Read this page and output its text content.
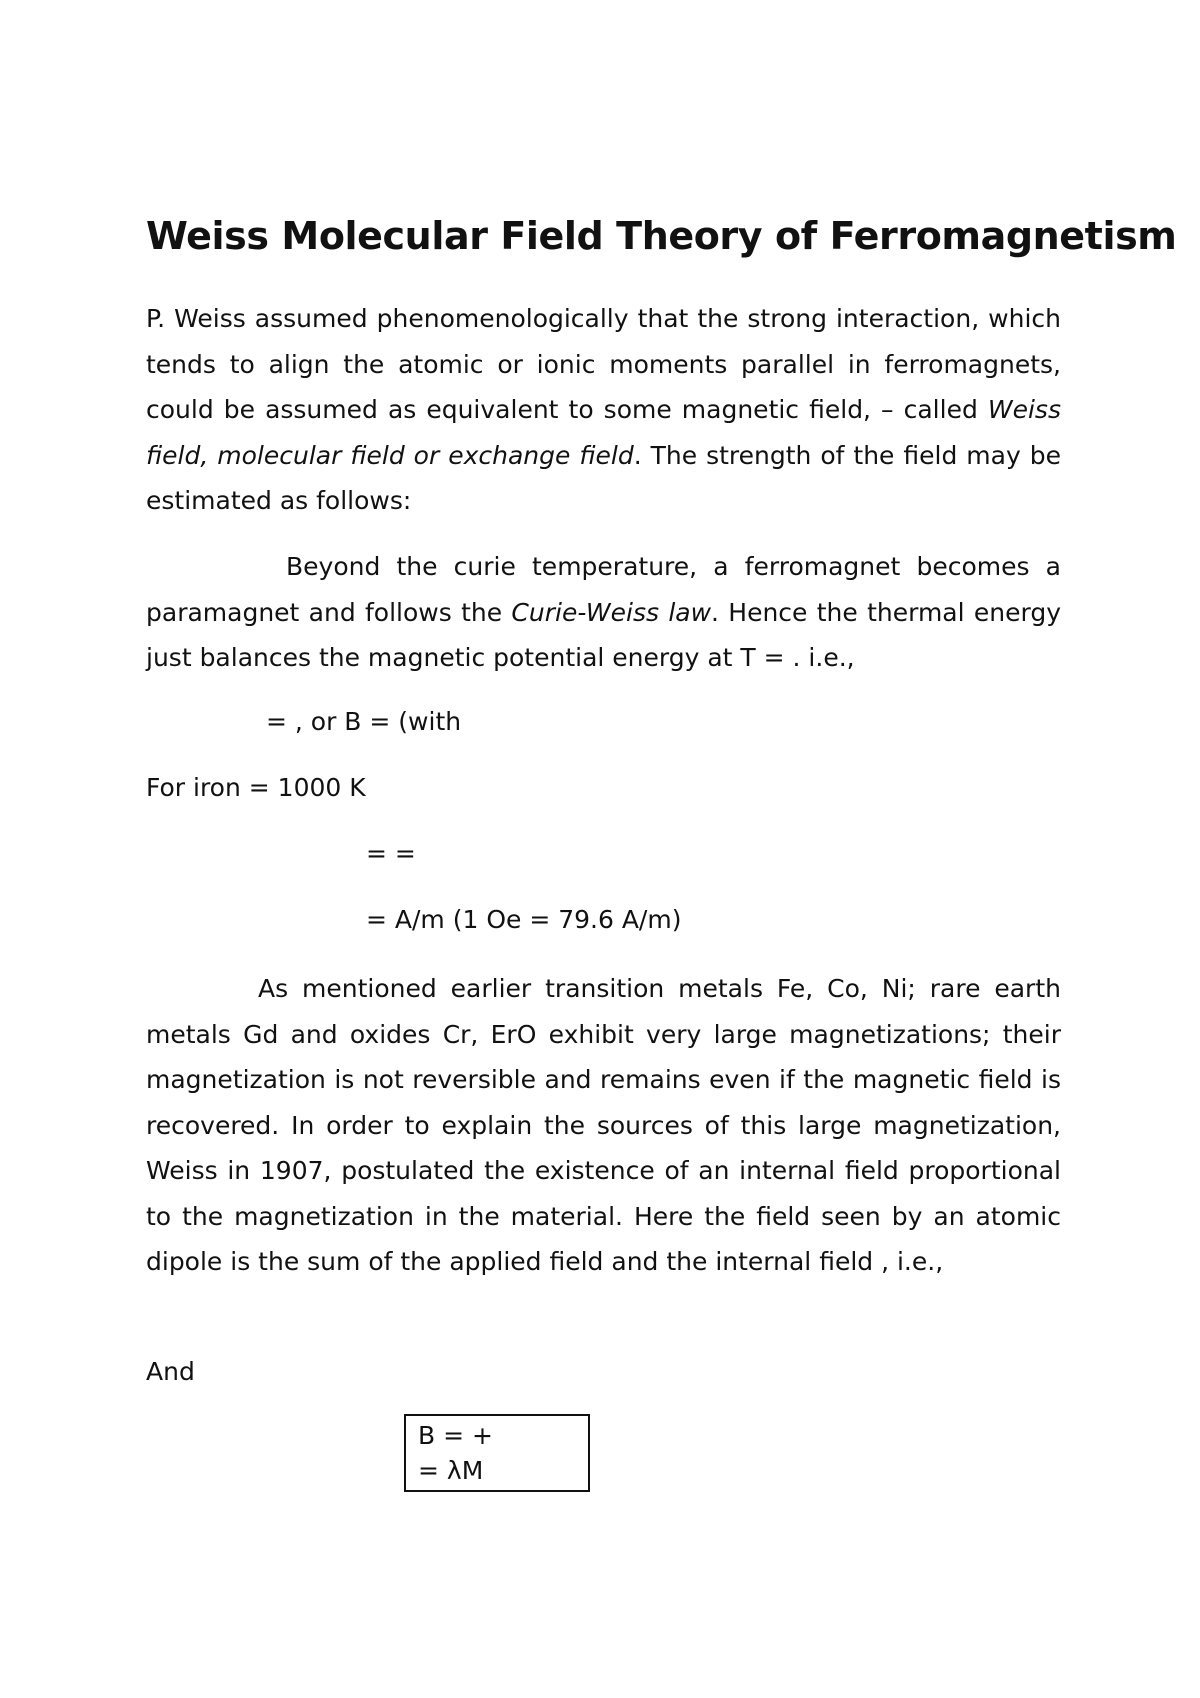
Weiss Molecular Field Theory of Ferromagnetism

P. Weiss assumed phenomenologically that the strong interaction, which tends to align the atomic or ionic moments parallel in ferromagnets, could be assumed as equivalent to some magnetic field, – called Weiss field, molecular field or exchange field. The strength of the field may be estimated as follows:

Beyond the curie temperature, a ferromagnet becomes a paramagnet and follows the Curie-Weiss law. Hence the thermal energy just balances the magnetic potential energy at T = . i.e.,

= , or B = (with
For iron = 1000 K
= =
= A/m (1 Oe = 79.6 A/m)

As mentioned earlier transition metals Fe, Co, Ni; rare earth metals Gd and oxides Cr, ErO exhibit very large magnetizations; their magnetization is not reversible and remains even if the magnetic field is recovered. In order to explain the sources of this large magnetization, Weiss in 1907, postulated the existence of an internal field proportional to the magnetization in the material. Here the field seen by an atomic dipole is the sum of the applied field and the internal field , i.e.,

And
B = +
= λM
